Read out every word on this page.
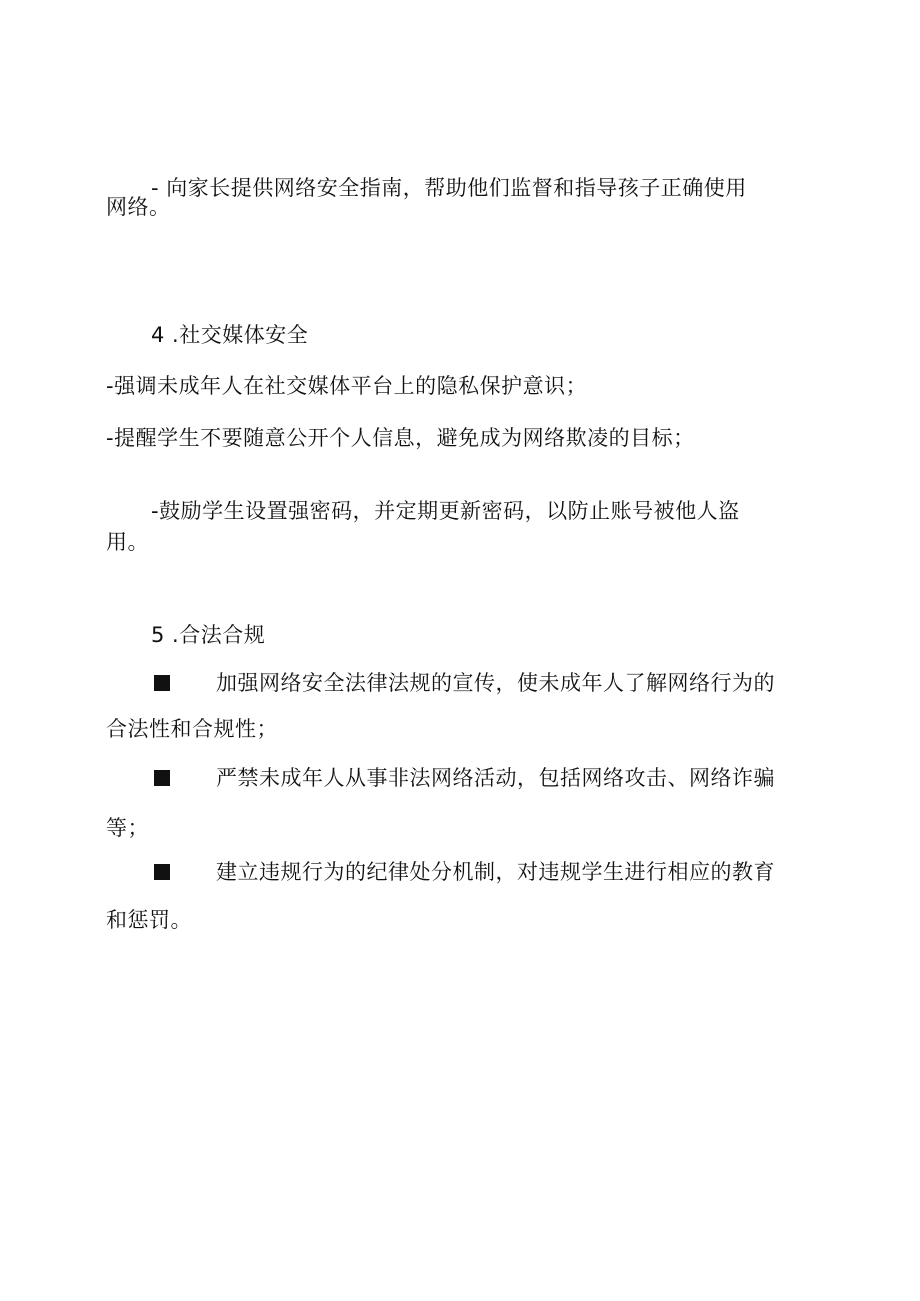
- 向家长提供网络安全指南，帮助他们监督和指导孩子正确使用
网络。
4 .社交媒体安全
-强调未成年人在社交媒体平台上的隐私保护意识；
-提醒学生不要随意公开个人信息，避免成为网络欺凌的目标；
-鼓励学生设置强密码，并定期更新密码，以防止账号被他人盗
用。
5 .合法合规
加强网络安全法律法规的宣传，使未成年人了解网络行为的
合法性和合规性；
严禁未成年人从事非法网络活动，包括网络攻击、网络诈骗
等；
建立违规行为的纪律处分机制，对违规学生进行相应的教育
和惩罚。
